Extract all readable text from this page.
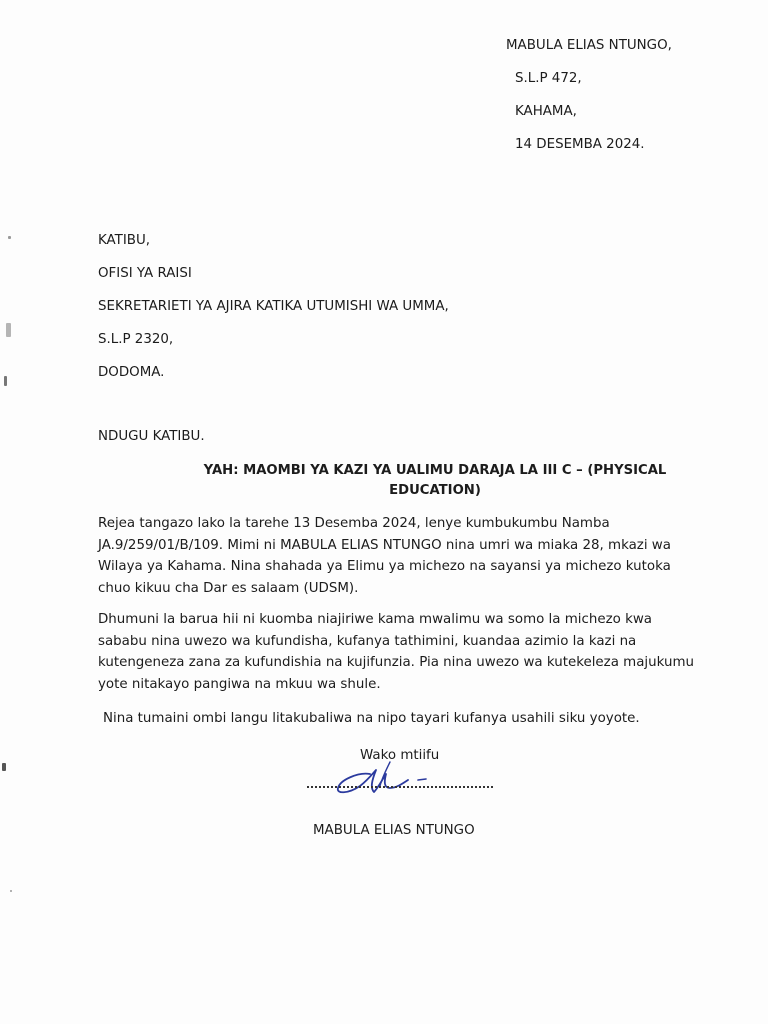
MABULA ELIAS NTUNGO,
S.L.P 472,
KAHAMA,
14 DESEMBA 2024.
KATIBU,
OFISI YA RAISI
SEKRETARIETI YA AJIRA KATIKA UTUMISHI WA UMMA,
S.L.P 2320,
DODOMA.
NDUGU KATIBU.
YAH: MAOMBI YA KAZI YA UALIMU DARAJA LA III C – (PHYSICAL
EDUCATION)

Rejea tangazo lako la tarehe 13 Desemba 2024, lenye kumbukumbu Namba JA.9/259/01/B/109. Mimi ni MABULA ELIAS NTUNGO nina umri wa miaka 28, mkazi wa Wilaya ya Kahama. Nina shahada ya Elimu ya michezo na sayansi ya michezo kutoka chuo kikuu cha Dar es salaam (UDSM).

Dhumuni la barua hii ni kuomba niajiriwe kama mwalimu wa somo la michezo kwa sababu nina uwezo wa kufundisha, kufanya tathimini, kuandaa azimio la kazi na kutengeneza zana za kufundishia na kujifunzia. Pia nina uwezo wa kutekeleza majukumu yote nitakayo pangiwa na mkuu wa shule.

Nina tumaini ombi langu litakubaliwa na nipo tayari kufanya usahili siku yoyote.

Wako mtiifu
MABULA ELIAS NTUNGO
